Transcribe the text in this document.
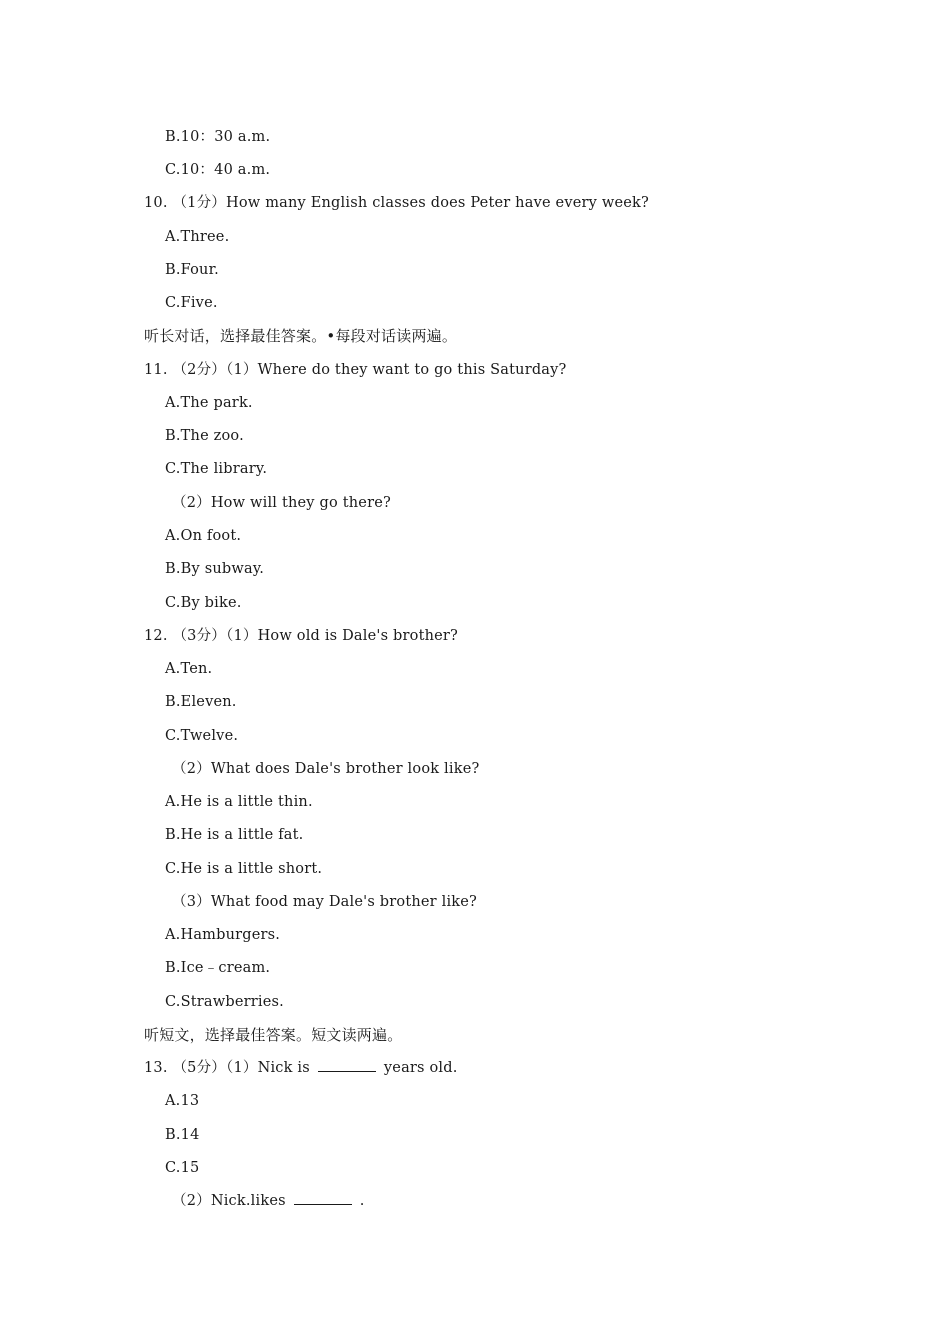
B.10：30 a.m.
C.10：40 a.m.
10. （1分）How many English classes does Peter have every week?
A.Three.
B.Four.
C.Five.
听长对话，选择最佳答案。•每段对话读两遍。
11. （2分）（1）Where do they want to go this Saturday?
A.The park.
B.The zoo.
C.The library.
（2）How will they go there?
A.On foot.
B.By subway.
C.By bike.
12. （3分）（1）How old is Dale's brother?
A.Ten.
B.Eleven.
C.Twelve.
（2）What does Dale's brother look like?
A.He is a little thin.
B.He is a little fat.
C.He is a little short.
（3）What food may Dale's brother like?
A.Hamburgers.
B.Ice﹣cream.
C.Strawberries.
听短文，选择最佳答案。短文读两遍。
13. （5分）（1）Nick is	years old.
A.13
B.14
C.15
（2）Nick.likes	.
